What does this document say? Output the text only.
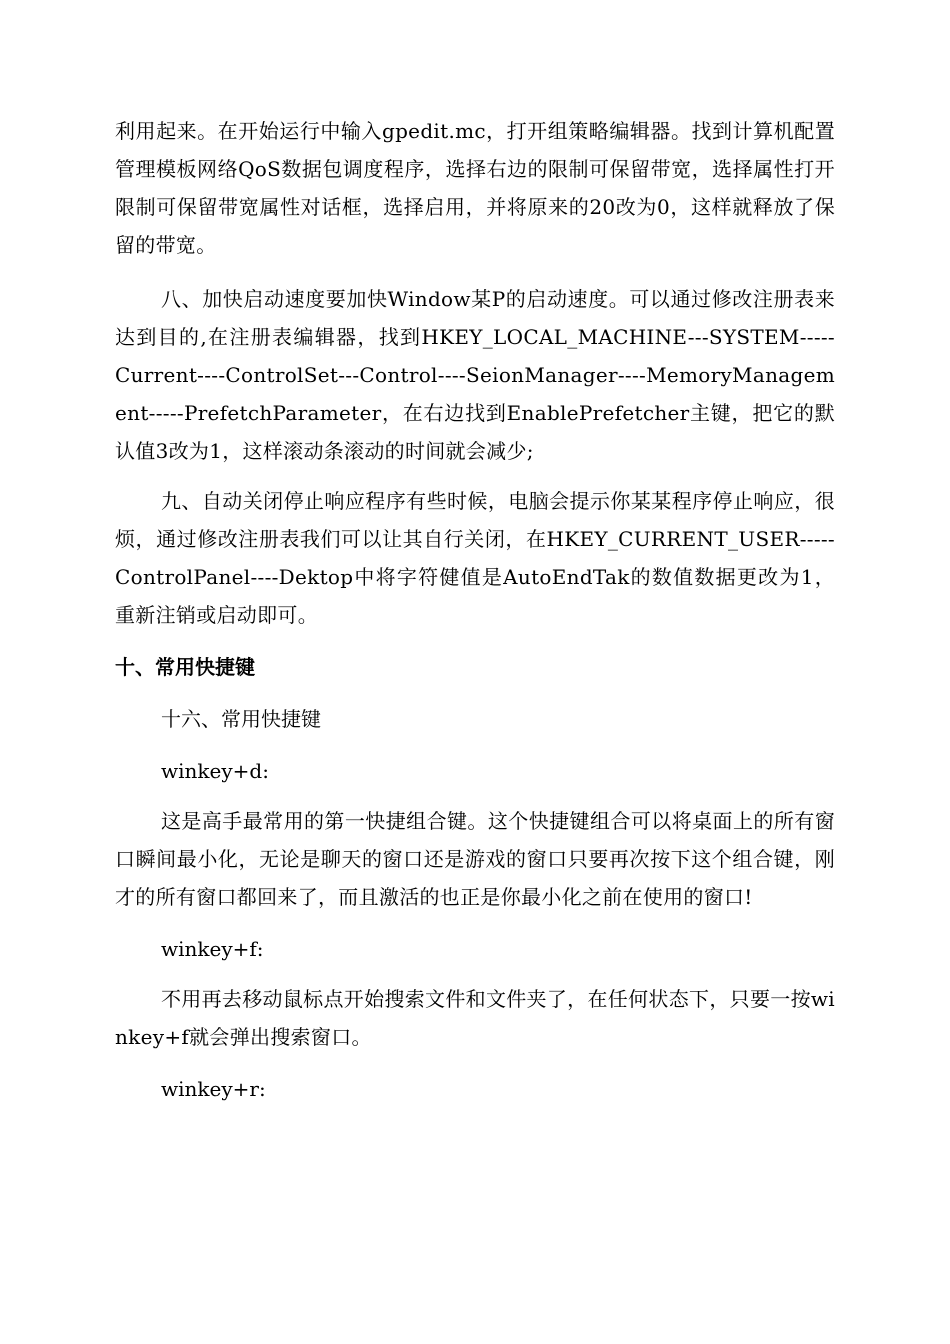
利用起来。在开始运行中输入gpedit.mc，打开组策略编辑器。找到计算机配置管理模板网络QoS数据包调度程序，选择右边的限制可保留带宽，选择属性打开限制可保留带宽属性对话框，选择启用，并将原来的20改为0，这样就释放了保留的带宽。

八、加快启动速度要加快Window某P的启动速度。可以通过修改注册表来达到目的,在注册表编辑器，找到HKEY_LOCAL_MACHINE---SYSTEM-----Current----ControlSet---Control----SeionManager----MemoryManagement-----PrefetchParameter，在右边找到EnablePrefetcher主键，把它的默认值3改为1，这样滚动条滚动的时间就会减少;

九、自动关闭停止响应程序有些时候，电脑会提示你某某程序停止响应，很烦，通过修改注册表我们可以让其自行关闭，在HKEY_CURRENT_USER-----ControlPanel----Dektop中将字符健值是AutoEndTak的数值数据更改为1，重新注销或启动即可。

十、常用快捷键

十六、常用快捷键

winkey+d:

这是高手最常用的第一快捷组合键。这个快捷键组合可以将桌面上的所有窗口瞬间最小化，无论是聊天的窗口还是游戏的窗口只要再次按下这个组合键，刚才的所有窗口都回来了，而且激活的也正是你最小化之前在使用的窗口!

winkey+f:

不用再去移动鼠标点开始搜索文件和文件夹了，在任何状态下，只要一按winkey+f就会弹出搜索窗口。

winkey+r:
